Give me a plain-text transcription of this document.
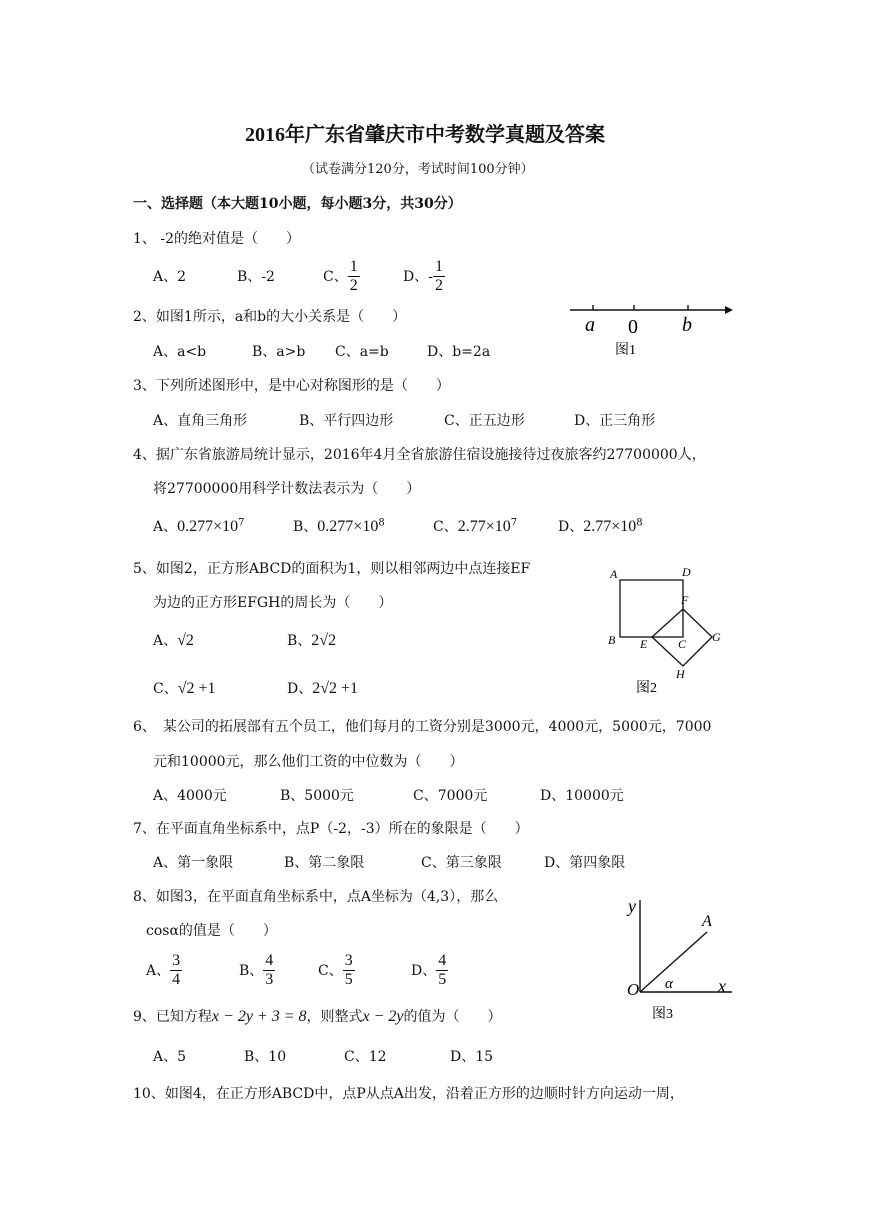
2016年广东省肇庆市中考数学真题及答案
（试卷满分120分，考试时间100分钟）
一、选择题（本大题10小题，每小题3分，共30分）
1、 -2的绝对值是（　　）
A、2	B、-2	C、 $\frac{1}{2}$	D、- $\frac{1}{2}$
2、如图1所示，a和b的大小关系是（　　）
A、a<b	B、a>b C、a=b	D、b=2a
a 0 b
图1
3、下列所述图形中，是中心对称图形的是（　　）
A、直角三角形	B、平行四边形	C、正五边形	D、正三角形
4、据广东省旅游局统计显示，2016年4月全省旅游住宿设施接待过夜旅客约27700000人，
将27700000用科学计数法表示为（　　）
A、$0.277\times 10^7$	B、$0.277\times 10^8$	C、$2.77\times 10^7$	D、$2.77\times 10^8$
5、如图2，正方形ABCD的面积为1，则以相邻两边中点连接EF
为边的正方形EFGH的周长为（　　）
A、√2	B、2√2
C、√2 +1	D、2√2 +1
A	D
B
F
E	C G
H
图2
6、　某公司的拓展部有五个员工，他们每月的工资分别是3000元，4000元，5000元，7000
元和10000元，那么他们工资的中位数为（　　）
A、4000元	B、5000元	C、7000元	D、10000元
7、在平面直角坐标系中，点P（-2，-3）所在的象限是（　　）
A、第一象限	B、第二象限	C、第三象限	D、第四象限
8、如图3，在平面直角坐标系中，点A坐标为（4,3），那么
cosα的值是（　　）
A、 $\frac{3}{4}$	B、 $\frac{4}{3}$	C、 $\frac{3}{5}$	D、 $\frac{4}{5}$
y
x
O
A
α
图3
9、已知方程x − 2y + 3 = 8，则整式x − 2y的值为（　　）
A、5	B、10	C、12	D、15
10、如图4，在正方形ABCD中，点P从点A出发，沿着正方形的边顺时针方向运动一周，
